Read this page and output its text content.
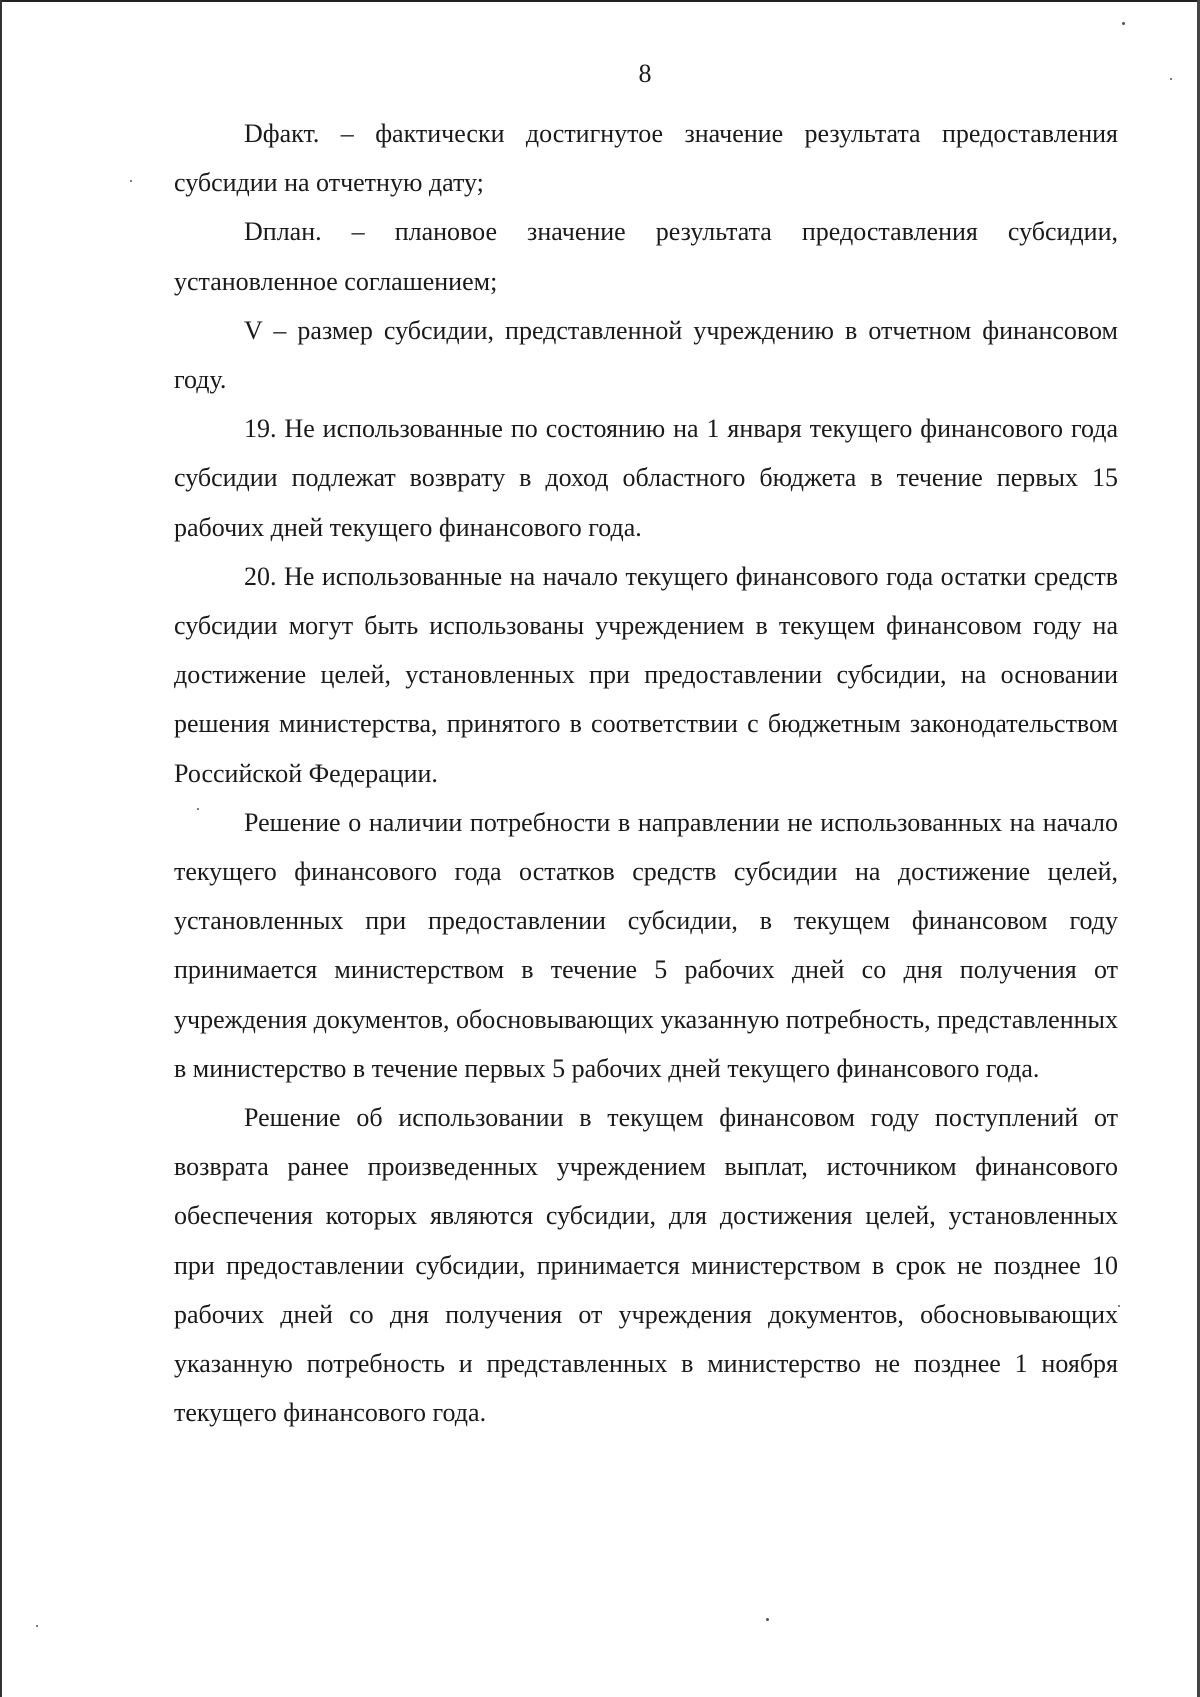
8

Dфакт. – фактически достигнутое значение результата предоставления субсидии на отчетную дату;

Dплан. – плановое значение результата предоставления субсидии, установленное соглашением;

V – размер субсидии, представленной учреждению в отчетном финансовом году.

19. Не использованные по состоянию на 1 января текущего финансового года субсидии подлежат возврату в доход областного бюджета в течение первых 15 рабочих дней текущего финансового года.

20. Не использованные на начало текущего финансового года остатки средств субсидии могут быть использованы учреждением в текущем финансовом году на достижение целей, установленных при предоставлении субсидии, на основании решения министерства, принятого в соответствии с бюджетным законодательством Российской Федерации.

Решение о наличии потребности в направлении не использованных на начало текущего финансового года остатков средств субсидии на достижение целей, установленных при предоставлении субсидии, в текущем финансовом году принимается министерством в течение 5 рабочих дней со дня получения от учреждения документов, обосновывающих указанную потребность, представленных в министерство в течение первых 5 рабочих дней текущего финансового года.

Решение об использовании в текущем финансовом году поступлений от возврата ранее произведенных учреждением выплат, источником финансового обеспечения которых являются субсидии, для достижения целей, установленных при предоставлении субсидии, принимается министерством в срок не позднее 10 рабочих дней со дня получения от учреждения документов, обосновывающих указанную потребность и представленных в министерство не позднее 1 ноября текущего финансового года.
